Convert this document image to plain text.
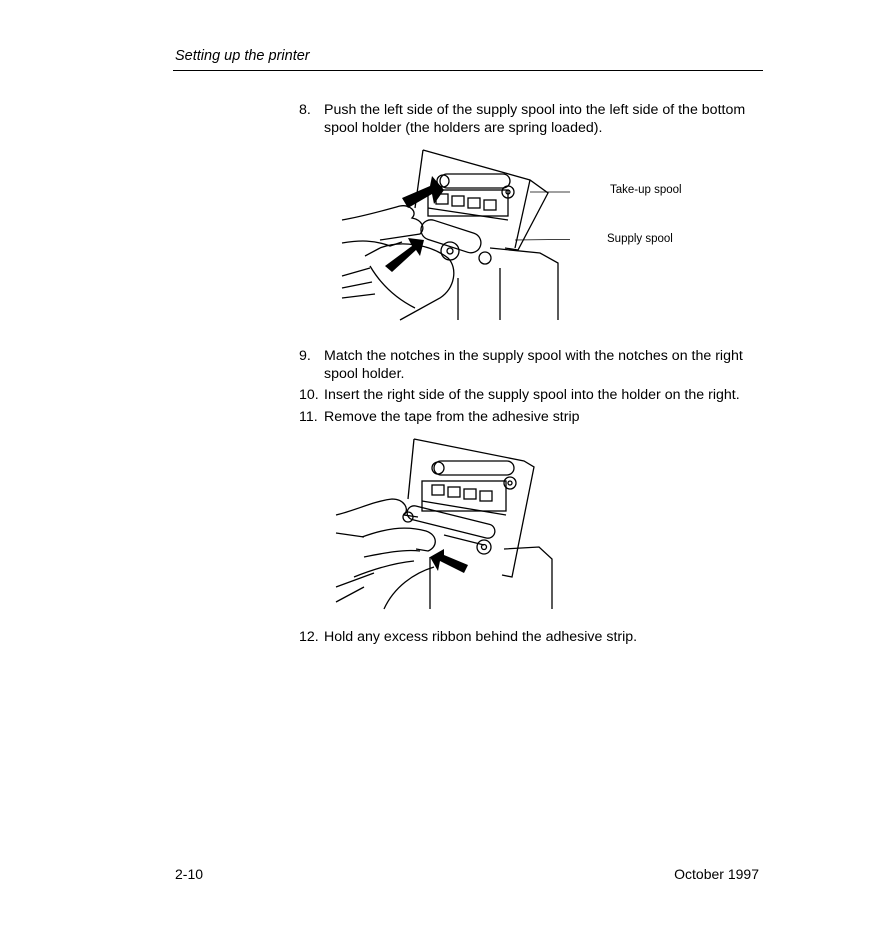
Setting up the printer
8. Push the left side of the supply spool into the left side of the bottom spool holder (the holders are spring loaded).
Take-up spool
Supply spool
9. Match the notches in the supply spool with the notches on the right spool holder.
10. Insert the right side of the supply spool into the holder on the right.
11. Remove the tape from the adhesive strip
12. Hold any excess ribbon behind the adhesive strip.
2-10	October 1997
